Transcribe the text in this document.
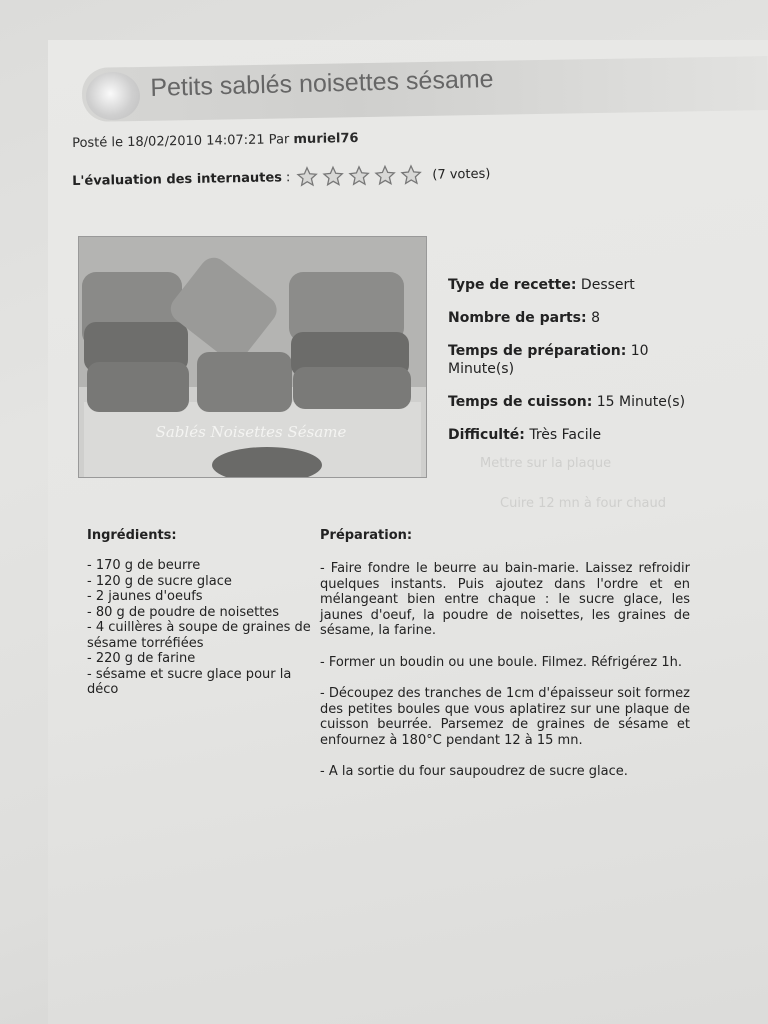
Mettre sur la plaque
Cuire 12 mn à four chaud
Petits sablés noisettes sésame
Posté le 18/02/2010 14:07:21 Par muriel76
L'évaluation des internautes :	(7 votes)
Sablés Noisettes Sésame
Type de recette: Dessert
Nombre de parts: 8
Temps de préparation: 10 Minute(s)
Temps de cuisson: 15 Minute(s)
Difficulté: Très Facile
Ingrédients:
- 170 g de beurre
- 120 g de sucre glace
- 2 jaunes d'oeufs
- 80 g de poudre de noisettes
- 4 cuillères à soupe de graines de sésame torréfiées
- 220 g de farine
- sésame et sucre glace pour la déco
Préparation:

- Faire fondre le beurre au bain-marie. Laissez refroidir quelques instants. Puis ajoutez dans l'ordre et en mélangeant bien entre chaque : le sucre glace, les jaunes d'oeuf, la poudre de noisettes, les graines de sésame, la farine.

- Former un boudin ou une boule. Filmez. Réfrigérez 1h.

- Découpez des tranches de 1cm d'épaisseur soit formez des petites boules que vous aplatirez sur une plaque de cuisson beurrée. Parsemez de graines de sésame et enfournez à 180°C pendant 12 à 15 mn.

- A la sortie du four saupoudrez de sucre glace.
